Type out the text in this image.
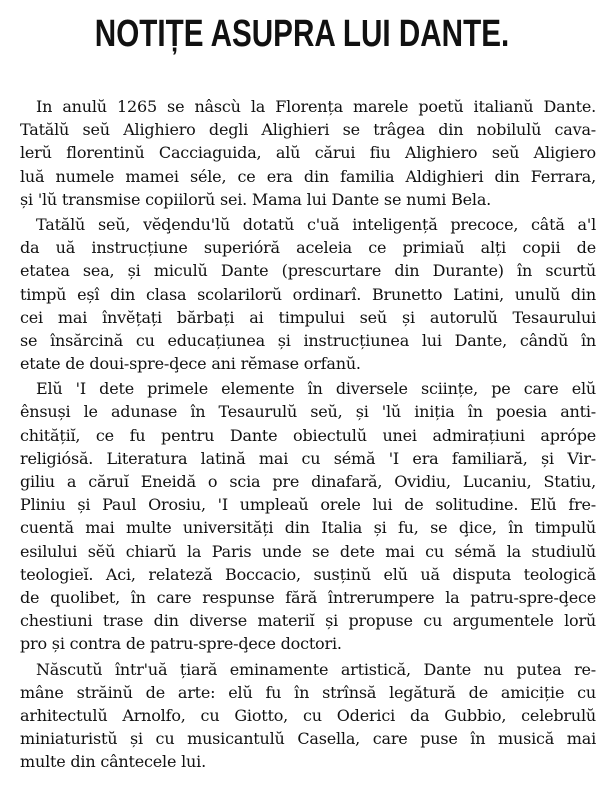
NOTIȚE ASUPRA LUI DANTE.
In anulŭ 1265 se nâscù la Florența marele poetŭ italianŭ Dante.
Tatălŭ seŭ Alighiero degli Alighieri se trâgea din nobilulŭ cava-
lerŭ florentinŭ Cacciaguida, alŭ cărui fiu Alighiero seŭ Aligiero
luă numele mamei séle, ce era din familia Aldighieri din Ferrara,
și 'lŭ transmise copiilorŭ sei. Mama lui Dante se numi Bela.
Tatălŭ seŭ, vĕḑendu'lŭ dotatŭ c'uă inteligență precoce, câtă a'l
da uă instrucțiune superióră aceleia ce primiaŭ alți copii de
etatea sea, și miculŭ Dante (prescurtare din Durante) în scurtŭ
timpŭ eșî din clasa scolarilorŭ ordinarî. Brunetto Latini, unulŭ din
cei mai învĕțați bărbați ai timpului seŭ și autorulŭ Tesaurului
se însărcină cu educațiunea și instrucțiunea lui Dante, cândŭ în
etate de doui-spre-ḑece ani rĕmase orfanŭ.
Elŭ 'I dete primele elemente în diversele sciințe, pe care elŭ
ênsuși le adunase în Tesaurulŭ seŭ, și 'lŭ iniția în poesia anti-
chitățiĭ, ce fu pentru Dante obiectulŭ unei admirațiuni aprópe
religiósă. Literatura latină mai cu sémă 'I era familiară, și Vir-
giliu a căruĭ Eneidă o scia pre dinafară, Ovidiu, Lucaniu, Statiu,
Pliniu și Paul Orosiu, 'I umpleaŭ orele lui de solitudine. Elŭ fre-
cuentă mai multe universități din Italia și fu, se ḑice, în timpulŭ
esilului sĕŭ chiarŭ la Paris unde se dete mai cu sémă la studiulŭ
teologieĭ. Aci, relateză Boccacio, susținŭ elŭ uă disputa teologică
de quolibet, în care respunse fără întrerumpere la patru-spre-ḑece
chestiuni trase din diverse materiĭ și propuse cu argumentele lorŭ
pro și contra de patru-spre-ḑece doctori.
Născutŭ într'uă țiară eminamente artistică, Dante nu putea re-
mâne străinŭ de arte: elŭ fu în strînsă legătură de amiciție cu
arhitectulŭ Arnolfo, cu Giotto, cu Oderici da Gubbio, celebrulŭ
miniaturistŭ și cu musicantulŭ Casella, care puse în musică mai
multe din cântecele lui.
